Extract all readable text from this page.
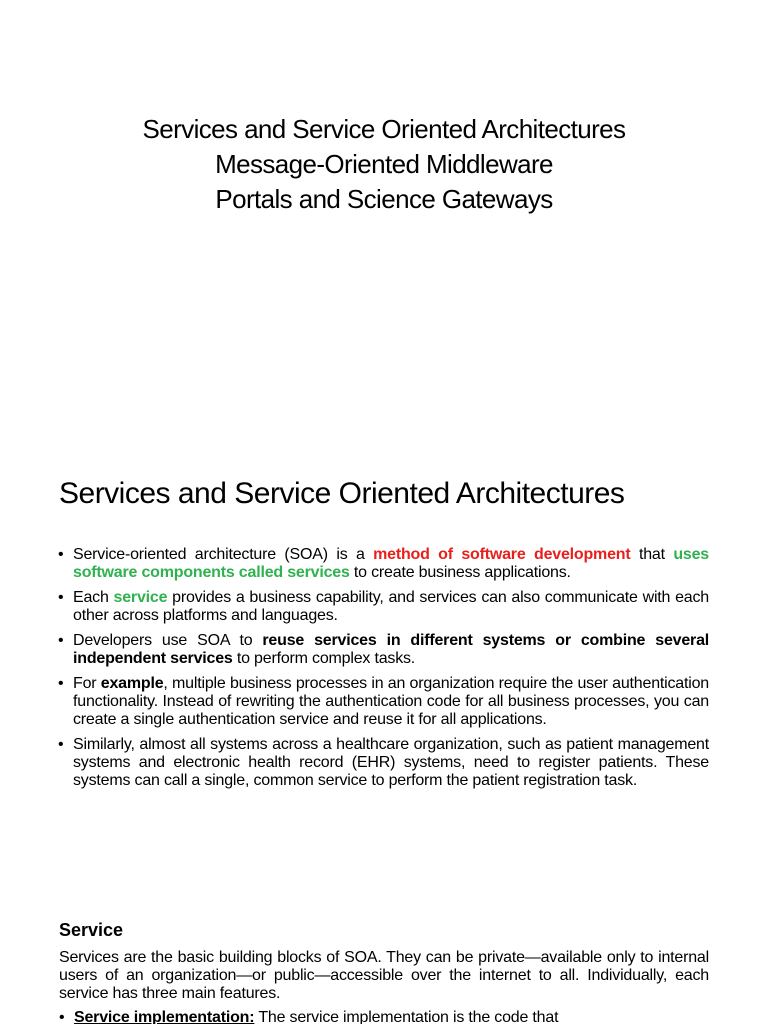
Services and Service Oriented Architectures
Message-Oriented Middleware
Portals and Science Gateways
Services and Service Oriented Architectures
• Service-oriented architecture (SOA) is a method of software development that uses software components called services to create business applications.
• Each service provides a business capability, and services can also communicate with each other across platforms and languages.
• Developers use SOA to reuse services in different systems or combine several independent services to perform complex tasks.
• For example, multiple business processes in an organization require the user authentication functionality. Instead of rewriting the authentication code for all business processes, you can create a single authentication service and reuse it for all applications.
• Similarly, almost all systems across a healthcare organization, such as patient management systems and electronic health record (EHR) systems, need to register patients. These systems can call a single, common service to perform the patient registration task.
Service

Services are the basic building blocks of SOA. They can be private—available only to internal users of an organization—or public—accessible over the internet to all. Individually, each service has three main features.

• Service implementation: The service implementation is the code that
